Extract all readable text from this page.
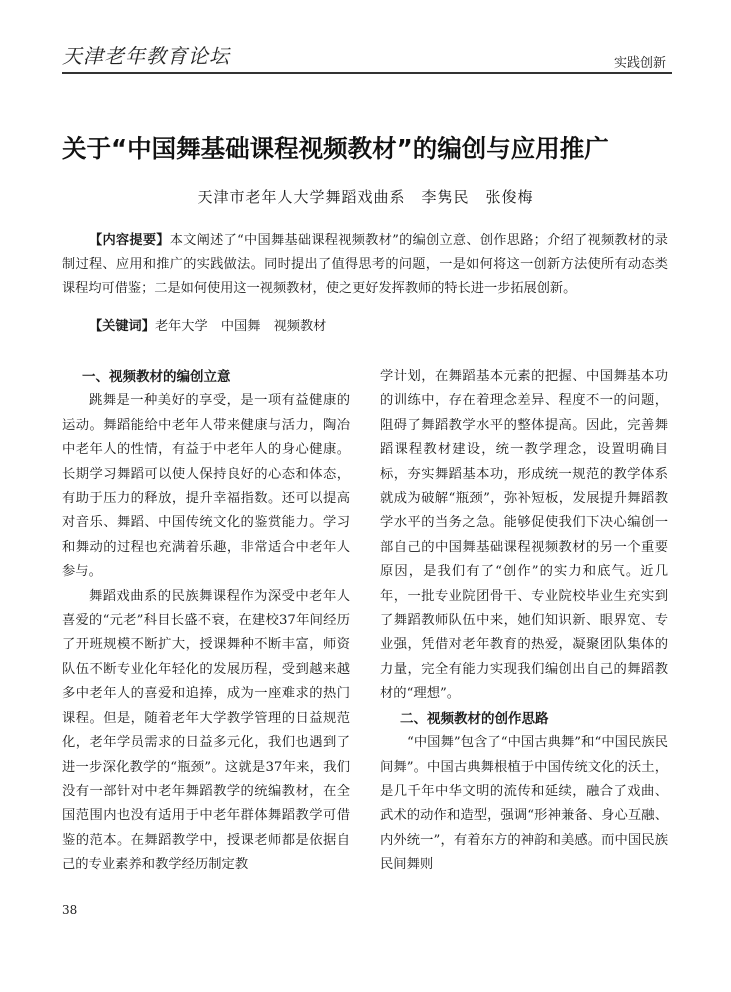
天津老年教育论坛	实践创新
关于“中国舞基础课程视频教材”的编创与应用推广
天津市老年人大学舞蹈戏曲系　李隽民　张俊梅

【内容提要】本文阐述了“中国舞基础课程视频教材”的编创立意、创作思路；介绍了视频教材的录制过程、应用和推广的实践做法。同时提出了值得思考的问题，一是如何将这一创新方法使所有动态类课程均可借鉴；二是如何使用这一视频教材，使之更好发挥教师的特长进一步拓展创新。

【关键词】老年大学　中国舞　视频教材

一、视频教材的编创立意

跳舞是一种美好的享受，是一项有益健康的运动。舞蹈能给中老年人带来健康与活力，陶冶中老年人的性情，有益于中老年人的身心健康。长期学习舞蹈可以使人保持良好的心态和体态，有助于压力的释放，提升幸福指数。还可以提高对音乐、舞蹈、中国传统文化的鉴赏能力。学习和舞动的过程也充满着乐趣，非常适合中老年人参与。

舞蹈戏曲系的民族舞课程作为深受中老年人喜爱的“元老”科目长盛不衰，在建校37年间经历了开班规模不断扩大，授课舞种不断丰富，师资队伍不断专业化年轻化的发展历程，受到越来越多中老年人的喜爱和追捧，成为一座难求的热门课程。但是，随着老年大学教学管理的日益规范化，老年学员需求的日益多元化，我们也遇到了进一步深化教学的“瓶颈”。这就是37年来，我们没有一部针对中老年舞蹈教学的统编教材，在全国范围内也没有适用于中老年群体舞蹈教学可借鉴的范本。在舞蹈教学中，授课老师都是依据自己的专业素养和教学经历制定教

学计划，在舞蹈基本元素的把握、中国舞基本功的训练中，存在着理念差异、程度不一的问题，阻碍了舞蹈教学水平的整体提高。因此，完善舞蹈课程教材建设，统一教学理念，设置明确目标，夯实舞蹈基本功，形成统一规范的教学体系就成为破解“瓶颈”，弥补短板，发展提升舞蹈教学水平的当务之急。能够促使我们下决心编创一部自己的中国舞基础课程视频教材的另一个重要原因，是我们有了“创作”的实力和底气。近几年，一批专业院团骨干、专业院校毕业生充实到了舞蹈教师队伍中来，她们知识新、眼界宽、专业强，凭借对老年教育的热爱，凝聚团队集体的力量，完全有能力实现我们编创出自己的舞蹈教材的“理想”。

二、视频教材的创作思路

“中国舞”包含了“中国古典舞”和“中国民族民间舞”。中国古典舞根植于中国传统文化的沃土，是几千年中华文明的流传和延续，融合了戏曲、武术的动作和造型，强调“形神兼备、身心互融、内外统一”，有着东方的神韵和美感。而中国民族民间舞则

38
